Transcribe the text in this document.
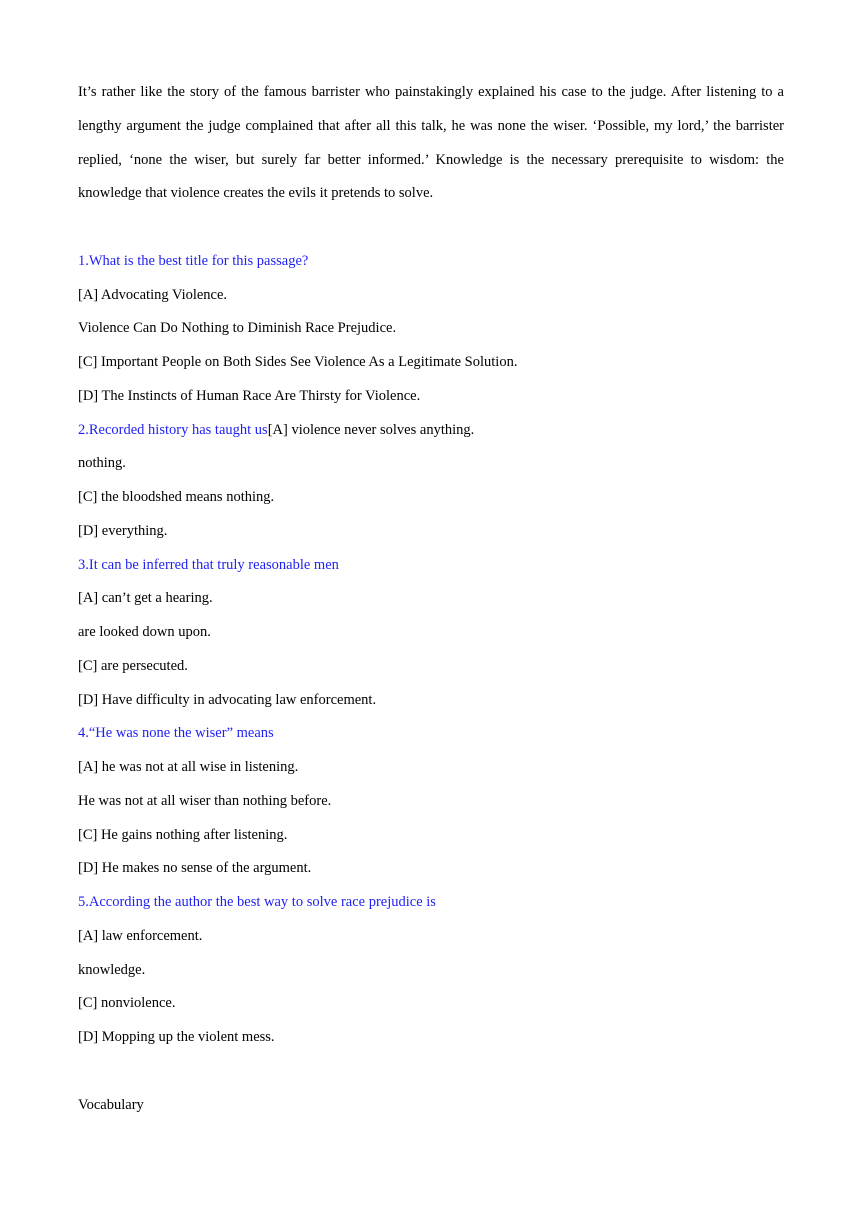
It’s rather like the story of the famous barrister who painstakingly explained his case to the judge. After listening to a lengthy argument the judge complained that after all this talk, he was none the wiser. ‘Possible, my lord,’ the barrister replied, ‘none the wiser, but surely far better informed.’ Knowledge is the necessary prerequisite to wisdom: the knowledge that violence creates the evils it pretends to solve.

1.What is the best title for this passage?

[A] Advocating Violence.

Violence Can Do Nothing to Diminish Race Prejudice.

[C] Important People on Both Sides See Violence As a Legitimate Solution.

[D] The Instincts of Human Race Are Thirsty for Violence.

2.Recorded history has taught us[A] violence never solves anything.

nothing.

[C] the bloodshed means nothing.

[D] everything.

3.It can be inferred that truly reasonable men

[A] can’t get a hearing.

are looked down upon.

[C] are persecuted.

[D] Have difficulty in advocating law enforcement.

4.“He was none the wiser” means

[A] he was not at all wise in listening.

He was not at all wiser than nothing before.

[C] He gains nothing after listening.

[D] He makes no sense of the argument.

5.According the author the best way to solve race prejudice is

[A] law enforcement.

knowledge.

[C] nonviolence.

[D] Mopping up the violent mess.

Vocabulary
